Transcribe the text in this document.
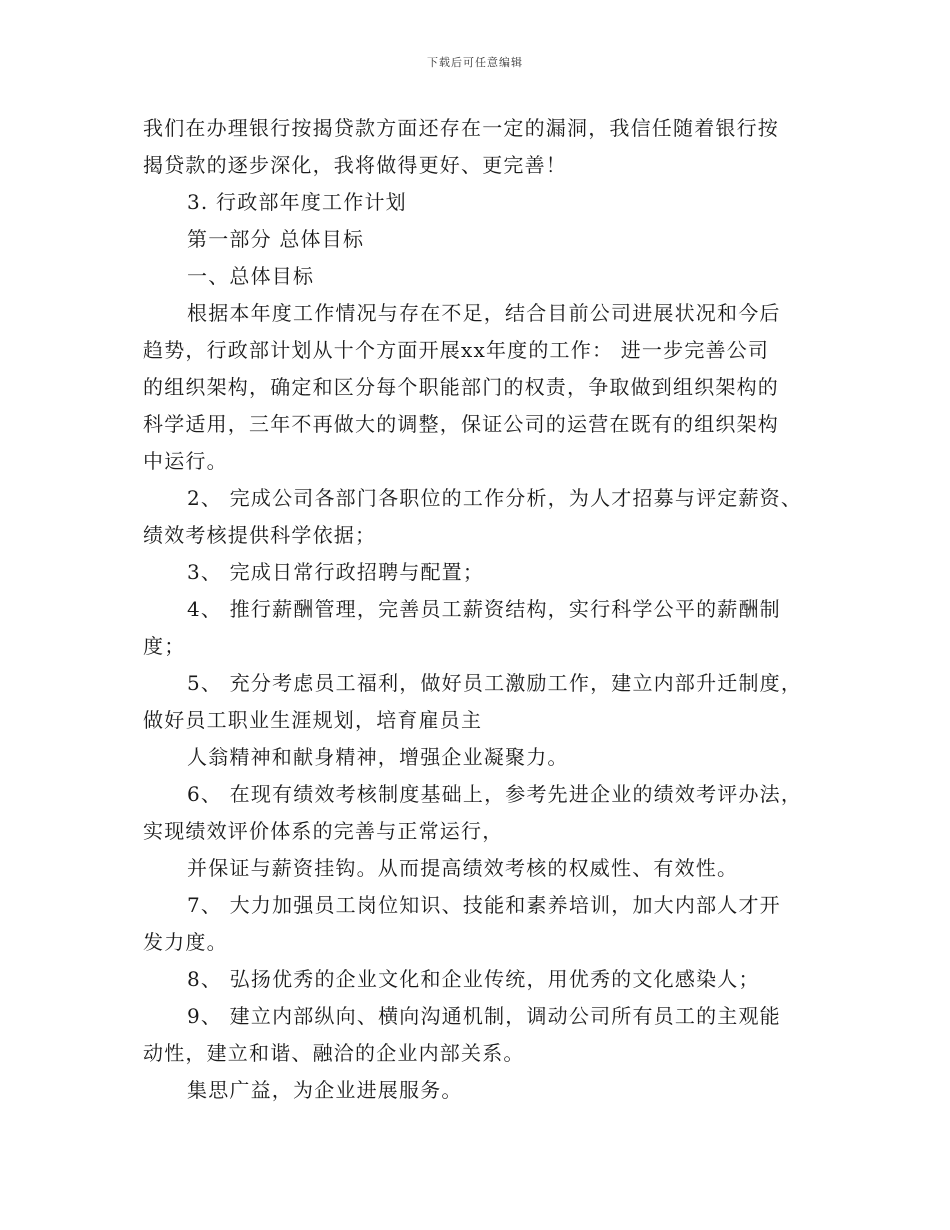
下载后可任意编辑
我们在办理银行按揭贷款方面还存在一定的漏洞，我信任随着银行按
揭贷款的逐步深化，我将做得更好、更完善！
3. 行政部年度工作计划
第一部分 总体目标
一、总体目标
根据本年度工作情况与存在不足，结合目前公司进展状况和今后
趋势，行政部计划从十个方面开展xx年度的工作： 进一步完善公司
的组织架构，确定和区分每个职能部门的权责，争取做到组织架构的
科学适用，三年不再做大的调整，保证公司的运营在既有的组织架构
中运行。
2、 完成公司各部门各职位的工作分析，为人才招募与评定薪资、
绩效考核提供科学依据；
3、 完成日常行政招聘与配置；
4、 推行薪酬管理，完善员工薪资结构，实行科学公平的薪酬制
度；
5、 充分考虑员工福利，做好员工激励工作，建立内部升迁制度，
做好员工职业生涯规划，培育雇员主
人翁精神和献身精神，增强企业凝聚力。
6、 在现有绩效考核制度基础上，参考先进企业的绩效考评办法，
实现绩效评价体系的完善与正常运行，
并保证与薪资挂钩。从而提高绩效考核的权威性、有效性。
7、 大力加强员工岗位知识、技能和素养培训，加大内部人才开
发力度。
8、 弘扬优秀的企业文化和企业传统，用优秀的文化感染人；
9、 建立内部纵向、横向沟通机制，调动公司所有员工的主观能
动性，建立和谐、融洽的企业内部关系。
集思广益，为企业进展服务。
